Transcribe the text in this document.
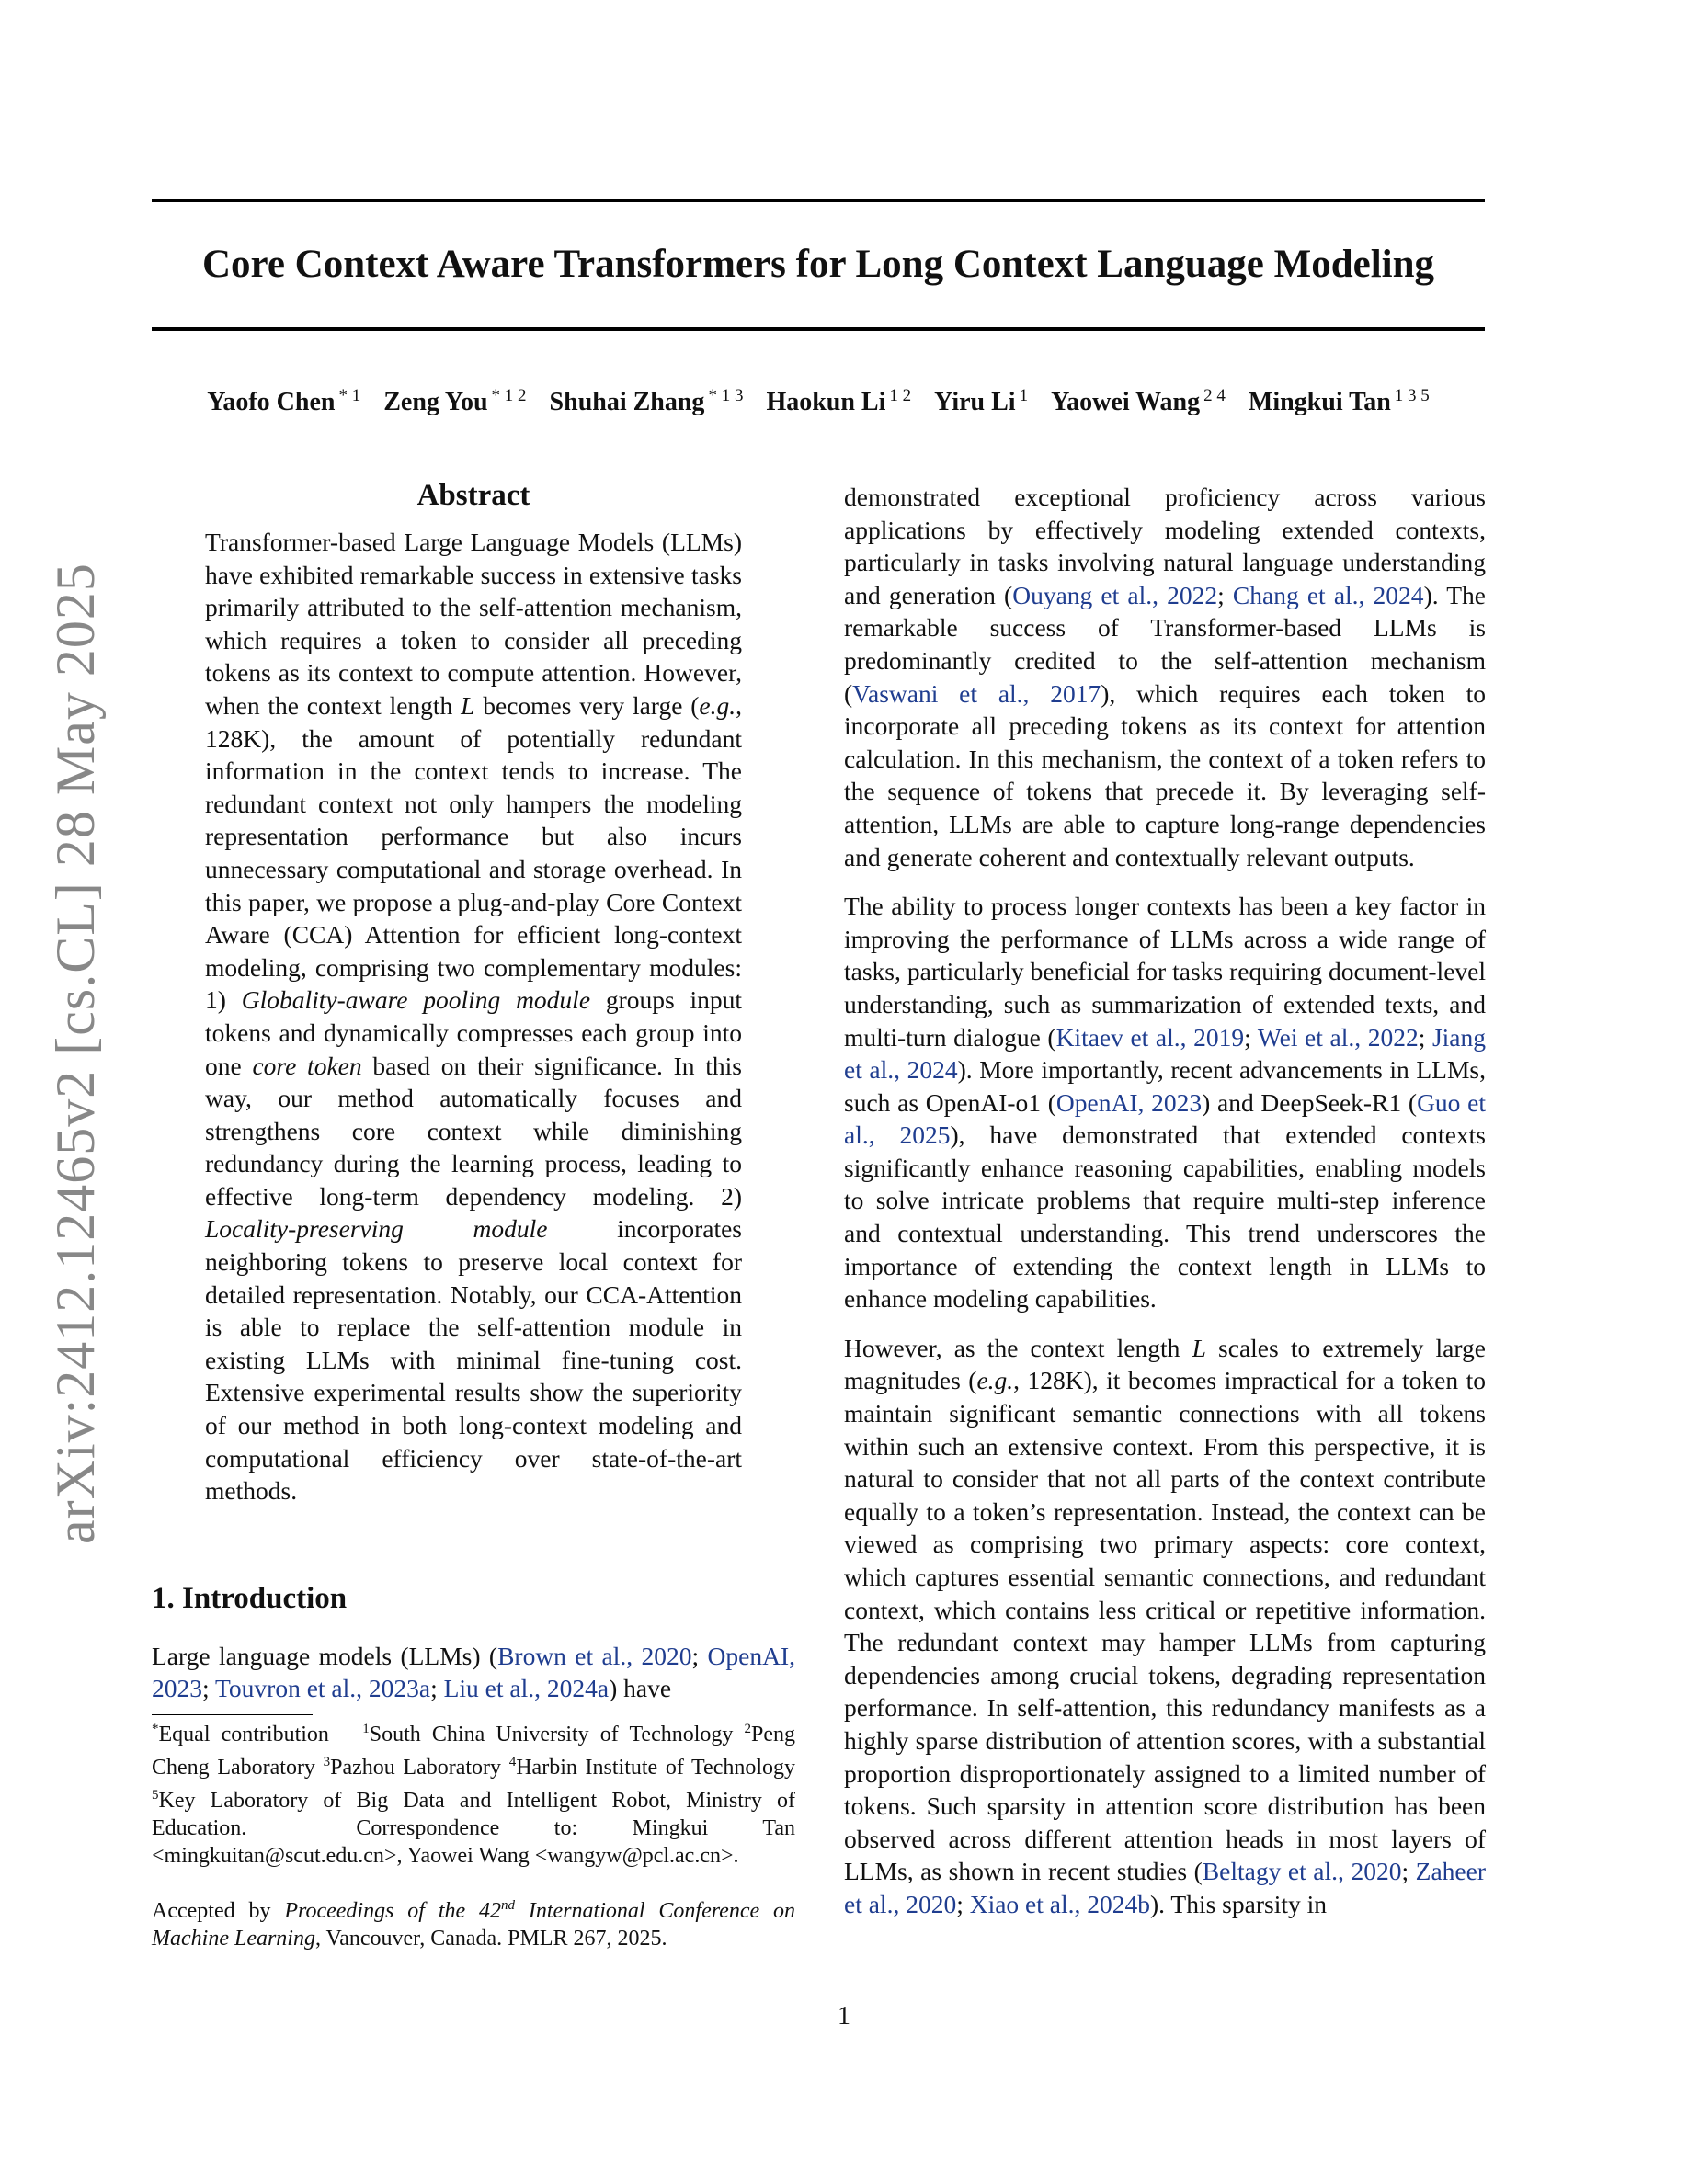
Core Context Aware Transformers for Long Context Language Modeling
Yaofo Chen $^{* 1}$ Zeng You $^{* 1 2}$ Shuhai Zhang $^{* 1 3}$ Haokun Li $^{1 2}$ Yiru Li $^1$ Yaowei Wang $^{2 4}$ Mingkui Tan $^{1 3 5}$
arXiv:2412.12465v2 [cs.CL] 28 May 2025
Abstract

Transformer-based Large Language Models (LLMs) have exhibited remarkable success in extensive tasks primarily attributed to the self-attention mechanism, which requires a token to consider all preceding tokens as its context to compute attention. However, when the context length L becomes very large (e.g., 128K), the amount of potentially redundant information in the context tends to increase. The redundant context not only hampers the modeling representation performance but also incurs unnecessary computational and storage overhead. In this paper, we propose a plug-and-play Core Context Aware (CCA) Attention for efficient long-context modeling, comprising two complementary modules: 1) Globality-aware pooling module groups input tokens and dynamically compresses each group into one core token based on their significance. In this way, our method automatically focuses and strengthens core context while diminishing redundancy during the learning process, leading to effective long-term dependency modeling. 2) Locality-preserving module incorporates neighboring tokens to preserve local context for detailed representation. Notably, our CCA-Attention is able to replace the self-attention module in existing LLMs with minimal fine-tuning cost. Extensive experimental results show the superiority of our method in both long-context modeling and computational efficiency over state-of-the-art methods.

1. Introduction

Large language models (LLMs) (Brown et al., 2020; OpenAI, 2023; Touvron et al., 2023a; Liu et al., 2024a) have

*Equal contribution $^1$South China University of Technology $^2$Peng Cheng Laboratory $^3$Pazhou Laboratory $^4$Harbin Institute of Technology $^5$Key Laboratory of Big Data and Intelligent Robot, Ministry of Education.	Correspondence to: Mingkui Tan <mingkuitan@scut.edu.cn>, Yaowei Wang <wangyw@pcl.ac.cn>.

Accepted by Proceedings of the 42nd International Conference on Machine Learning, Vancouver, Canada. PMLR 267, 2025.

demonstrated exceptional proficiency across various applications by effectively modeling extended contexts, particularly in tasks involving natural language understanding and generation (Ouyang et al., 2022; Chang et al., 2024). The remarkable success of Transformer-based LLMs is predominantly credited to the self-attention mechanism (Vaswani et al., 2017), which requires each token to incorporate all preceding tokens as its context for attention calculation. In this mechanism, the context of a token refers to the sequence of tokens that precede it. By leveraging self-attention, LLMs are able to capture long-range dependencies and generate coherent and contextually relevant outputs.

The ability to process longer contexts has been a key factor in improving the performance of LLMs across a wide range of tasks, particularly beneficial for tasks requiring document-level understanding, such as summarization of extended texts, and multi-turn dialogue (Kitaev et al., 2019; Wei et al., 2022; Jiang et al., 2024). More importantly, recent advancements in LLMs, such as OpenAI-o1 (OpenAI, 2023) and DeepSeek-R1 (Guo et al., 2025), have demonstrated that extended contexts significantly enhance reasoning capabilities, enabling models to solve intricate problems that require multi-step inference and contextual understanding. This trend underscores the importance of extending the context length in LLMs to enhance modeling capabilities.

However, as the context length L scales to extremely large magnitudes (e.g., 128K), it becomes impractical for a token to maintain significant semantic connections with all tokens within such an extensive context. From this perspective, it is natural to consider that not all parts of the context contribute equally to a token’s representation. Instead, the context can be viewed as comprising two primary aspects: core context, which captures essential semantic connections, and redundant context, which contains less critical or repetitive information. The redundant context may hamper LLMs from capturing dependencies among crucial tokens, degrading representation performance. In self-attention, this redundancy manifests as a highly sparse distribution of attention scores, with a substantial proportion disproportionately assigned to a limited number of tokens. Such sparsity in attention score distribution has been observed across different attention heads in most layers of LLMs, as shown in recent studies (Beltagy et al., 2020; Zaheer et al., 2020; Xiao et al., 2024b). This sparsity in

1
